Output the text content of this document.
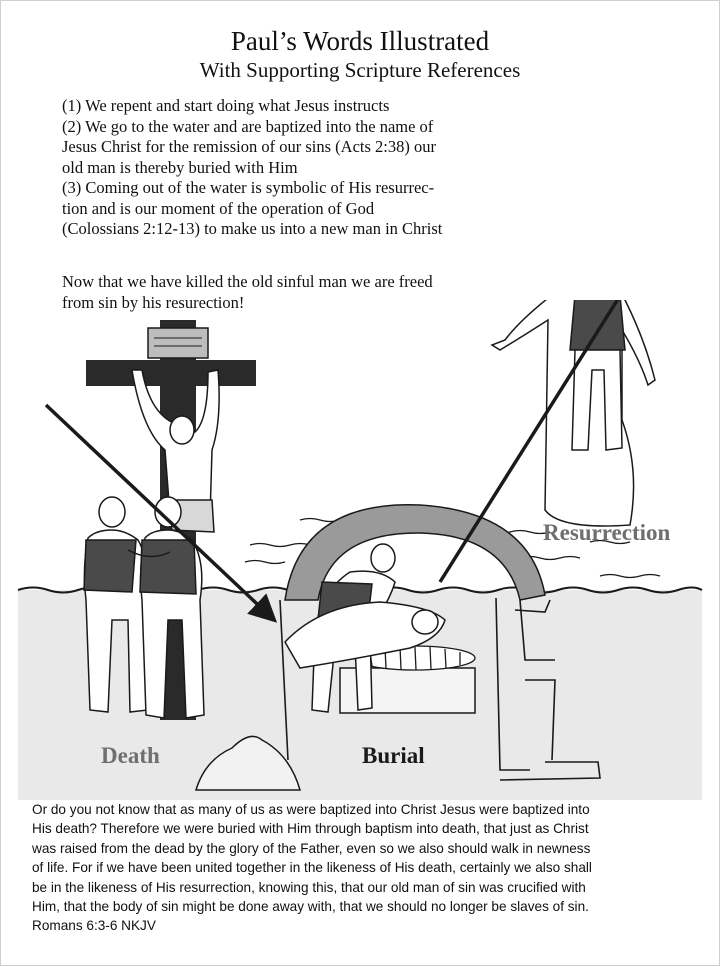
Paul’s Words Illustrated
With Supporting Scripture References
(1) We repent and start doing what Jesus instructs
(2) We go to the water and are baptized into the name of
Jesus Christ for the remission of our sins (Acts 2:38) our
old man is thereby buried with Him
(3) Coming out of the water is symbolic of His resurrec-
tion and is our moment of the operation of God
(Colossians 2:12-13) to make us into a new man in Christ
Now that we have killed the old sinful man we are freed
from sin by his resurection!
Death	Burial
Resurrection
Or do you not know that as many of us as were baptized into Christ Jesus were baptized into
His death? Therefore we were buried with Him through baptism into death, that just as Christ
was raised from the dead by the glory of the Father, even so we also should walk in newness
of life. For if we have been united together in the likeness of His death, certainly we also shall
be in the likeness of His resurrection, knowing this, that our old man of sin was crucified with
Him, that the body of sin might be done away with, that we should no longer be slaves of sin.
Romans 6:3-6 NKJV
